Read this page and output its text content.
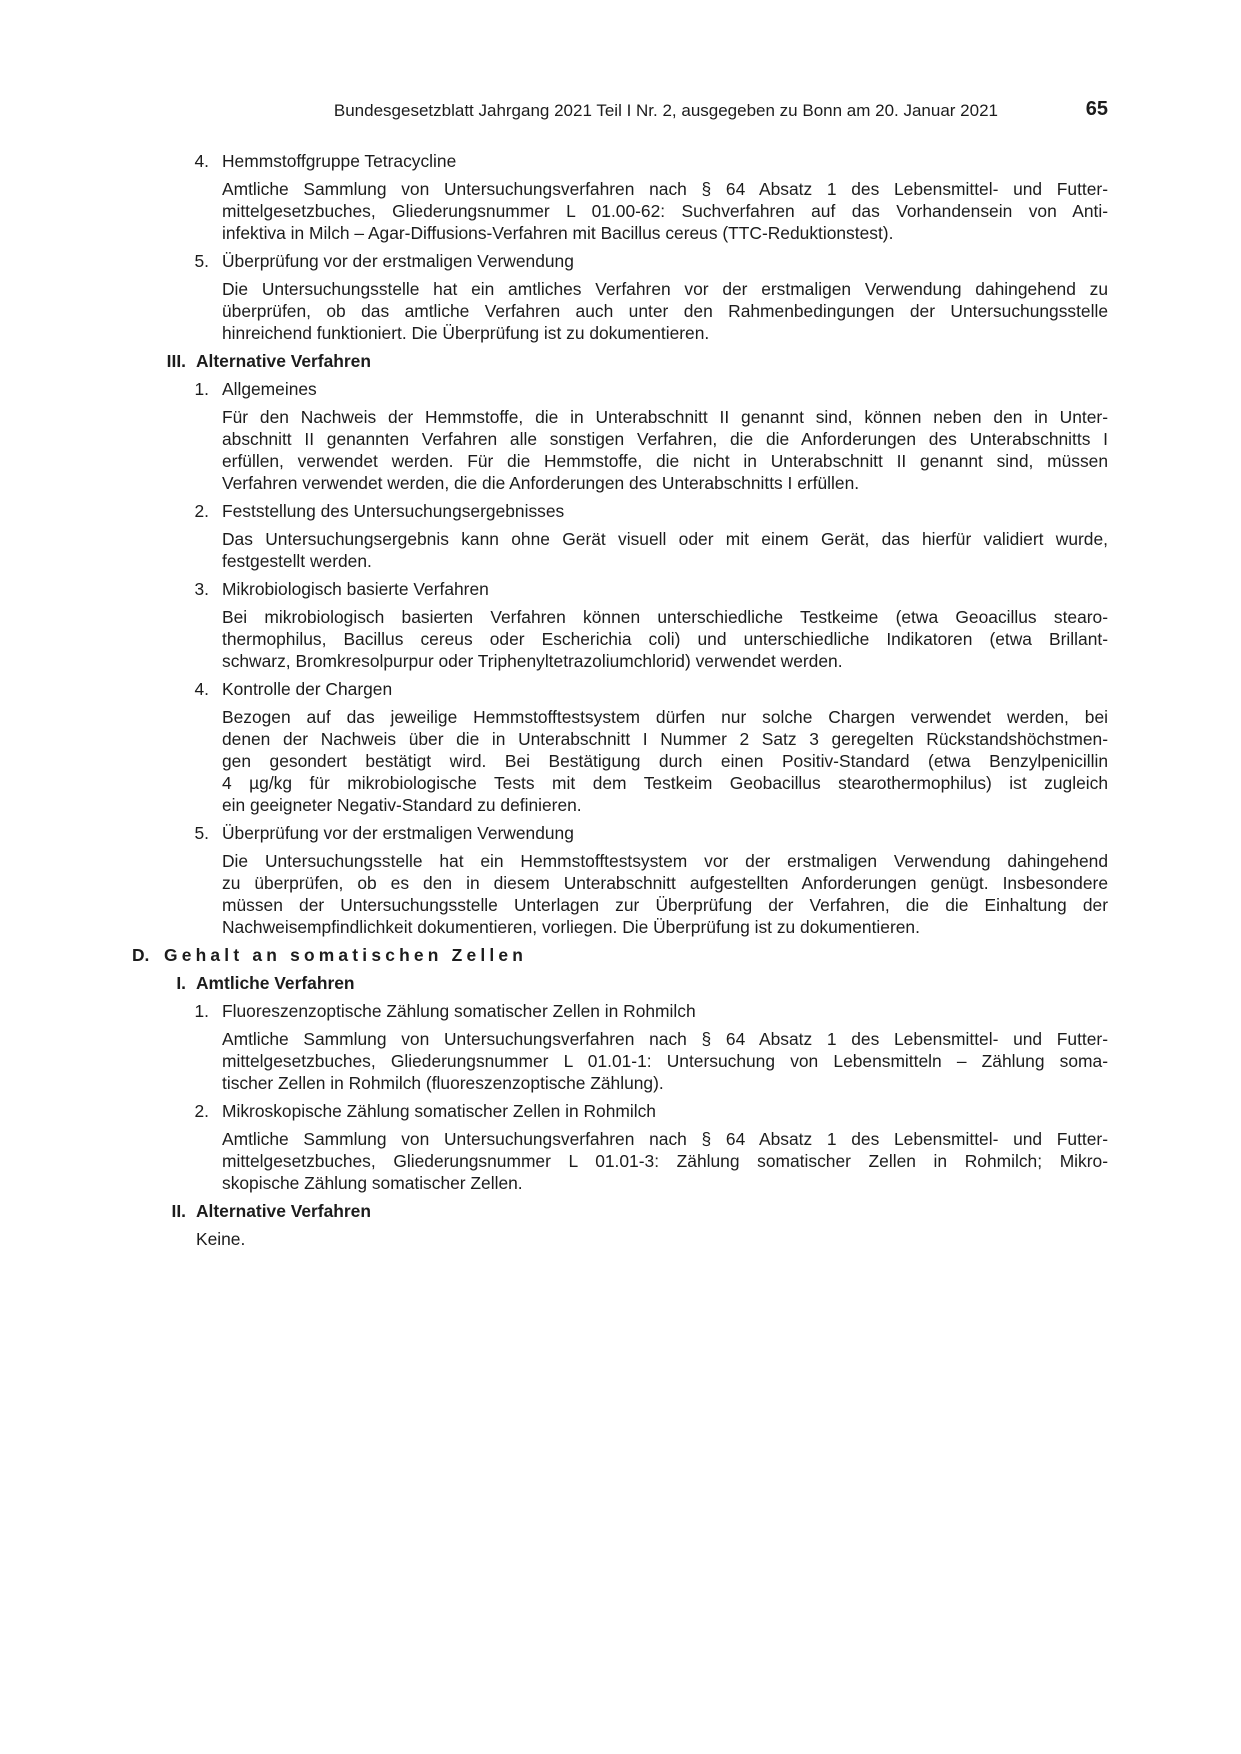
Bundesgesetzblatt Jahrgang 2021 Teil I Nr. 2, ausgegeben zu Bonn am 20. Januar 2021	65
4. Hemmstoffgruppe Tetracycline
Amtliche Sammlung von Untersuchungsverfahren nach § 64 Absatz 1 des Lebensmittel- und Futter-
mittelgesetzbuches, Gliederungsnummer L 01.00-62: Suchverfahren auf das Vorhandensein von Anti-
infektiva in Milch – Agar-Diffusions-Verfahren mit Bacillus cereus (TTC-Reduktionstest).
5. Überprüfung vor der erstmaligen Verwendung
Die Untersuchungsstelle hat ein amtliches Verfahren vor der erstmaligen Verwendung dahingehend zu
überprüfen, ob das amtliche Verfahren auch unter den Rahmenbedingungen der Untersuchungsstelle
hinreichend funktioniert. Die Überprüfung ist zu dokumentieren.
III. Alternative Verfahren
1. Allgemeines
Für den Nachweis der Hemmstoffe, die in Unterabschnitt II genannt sind, können neben den in Unter-
abschnitt II genannten Verfahren alle sonstigen Verfahren, die die Anforderungen des Unterabschnitts I
erfüllen, verwendet werden. Für die Hemmstoffe, die nicht in Unterabschnitt II genannt sind, müssen
Verfahren verwendet werden, die die Anforderungen des Unterabschnitts I erfüllen.
2. Feststellung des Untersuchungsergebnisses
Das Untersuchungsergebnis kann ohne Gerät visuell oder mit einem Gerät, das hierfür validiert wurde,
festgestellt werden.
3. Mikrobiologisch basierte Verfahren
Bei mikrobiologisch basierten Verfahren können unterschiedliche Testkeime (etwa Geoacillus stearo-
thermophilus, Bacillus cereus oder Escherichia coli) und unterschiedliche Indikatoren (etwa Brillant-
schwarz, Bromkresolpurpur oder Triphenyltetrazoliumchlorid) verwendet werden.
4. Kontrolle der Chargen
Bezogen auf das jeweilige Hemmstofftestsystem dürfen nur solche Chargen verwendet werden, bei
denen der Nachweis über die in Unterabschnitt I Nummer 2 Satz 3 geregelten Rückstandshöchstmen-
gen gesondert bestätigt wird. Bei Bestätigung durch einen Positiv-Standard (etwa Benzylpenicillin
4 µg/kg für mikrobiologische Tests mit dem Testkeim Geobacillus stearothermophilus) ist zugleich
ein geeigneter Negativ-Standard zu definieren.
5. Überprüfung vor der erstmaligen Verwendung
Die Untersuchungsstelle hat ein Hemmstofftestsystem vor der erstmaligen Verwendung dahingehend
zu überprüfen, ob es den in diesem Unterabschnitt aufgestellten Anforderungen genügt. Insbesondere
müssen der Untersuchungsstelle Unterlagen zur Überprüfung der Verfahren, die die Einhaltung der
Nachweisempfindlichkeit dokumentieren, vorliegen. Die Überprüfung ist zu dokumentieren.
D. Gehalt an somatischen Zellen
I. Amtliche Verfahren
1. Fluoreszenzoptische Zählung somatischer Zellen in Rohmilch
Amtliche Sammlung von Untersuchungsverfahren nach § 64 Absatz 1 des Lebensmittel- und Futter-
mittelgesetzbuches, Gliederungsnummer L 01.01-1: Untersuchung von Lebensmitteln – Zählung soma-
tischer Zellen in Rohmilch (fluoreszenzoptische Zählung).
2. Mikroskopische Zählung somatischer Zellen in Rohmilch
Amtliche Sammlung von Untersuchungsverfahren nach § 64 Absatz 1 des Lebensmittel- und Futter-
mittelgesetzbuches, Gliederungsnummer L 01.01-3: Zählung somatischer Zellen in Rohmilch; Mikro-
skopische Zählung somatischer Zellen.
II. Alternative Verfahren
Keine.
